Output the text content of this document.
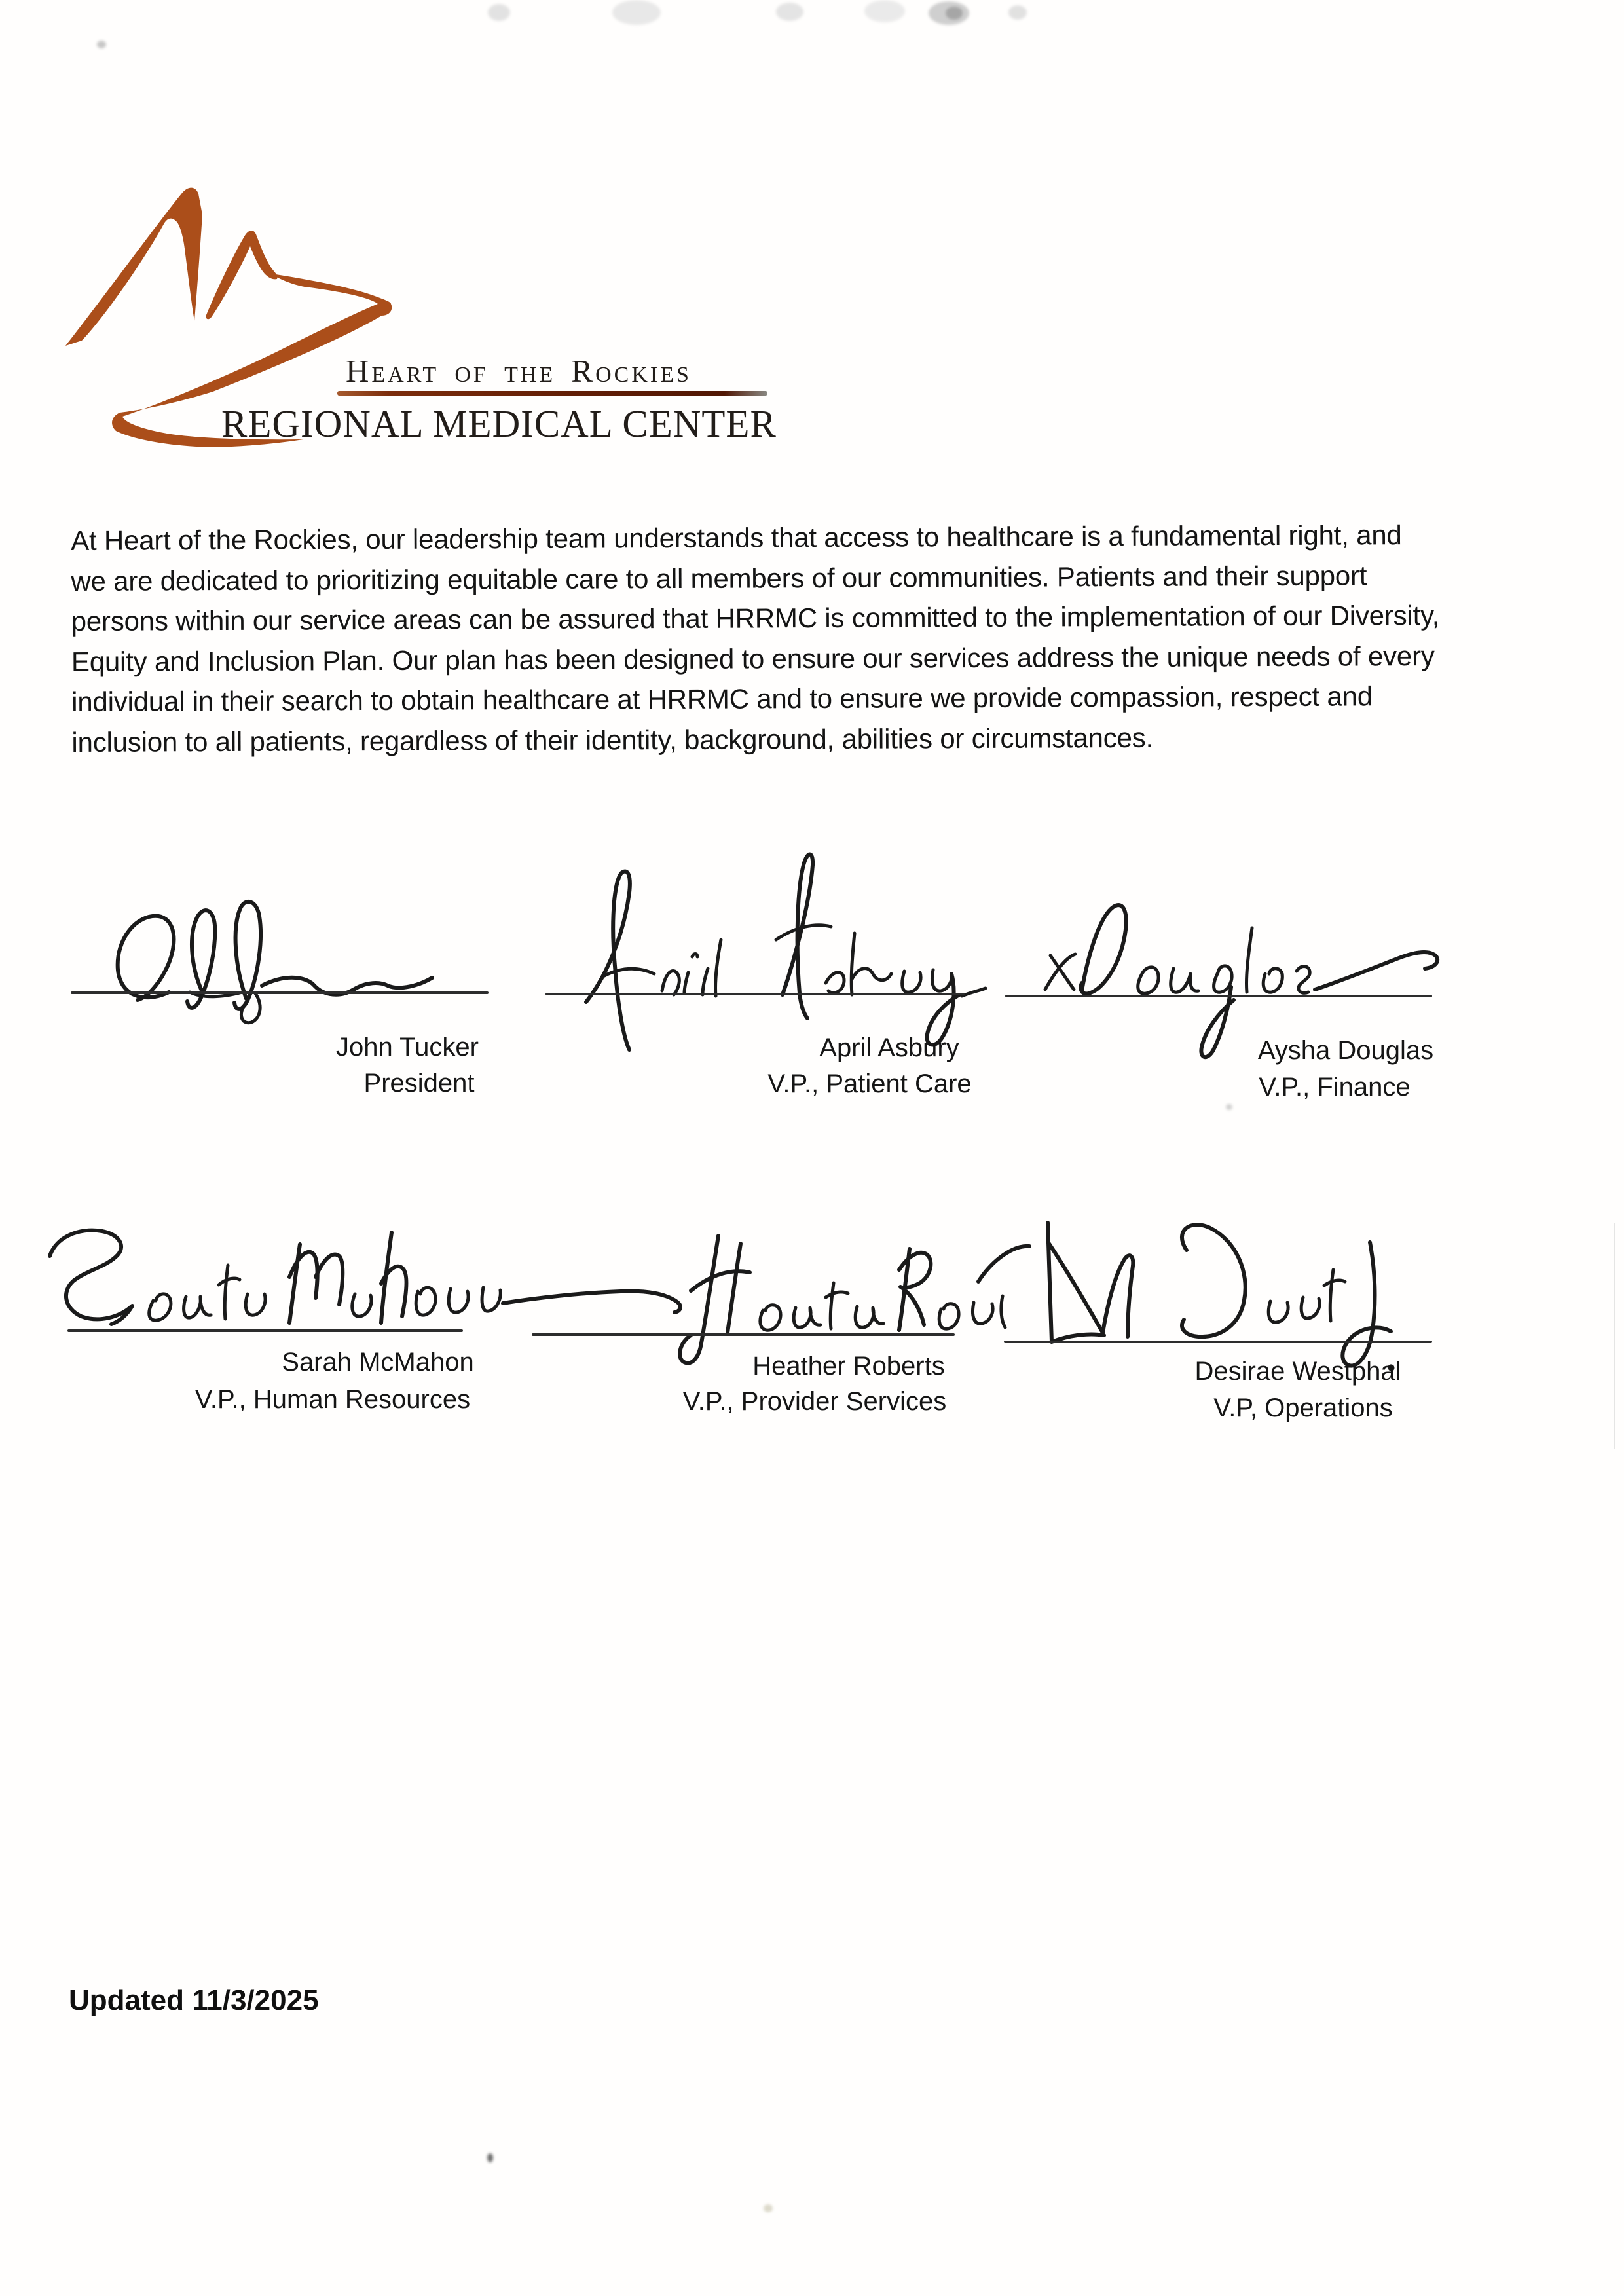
Heart of the Rockies
REGIONAL MEDICAL CENTER
At Heart of the Rockies, our leadership team understands that access to healthcare is a fundamental right, and
we are dedicated to prioritizing equitable care to all members of our communities. Patients and their support
persons within our service areas can be assured that HRRMC is committed to the implementation of our Diversity,
Equity and Inclusion Plan. Our plan has been designed to ensure our services address the unique needs of every
individual in their search to obtain healthcare at HRRMC and to ensure we provide compassion, respect and
inclusion to all patients, regardless of their identity, background, abilities or circumstances.
John Tucker
President
April Asbury
V.P., Patient Care
Aysha Douglas
V.P., Finance
Sarah McMahon
V.P., Human Resources
Heather Roberts
V.P., Provider Services
Desirae Westphal
V.P, Operations
Updated 11/3/2025
